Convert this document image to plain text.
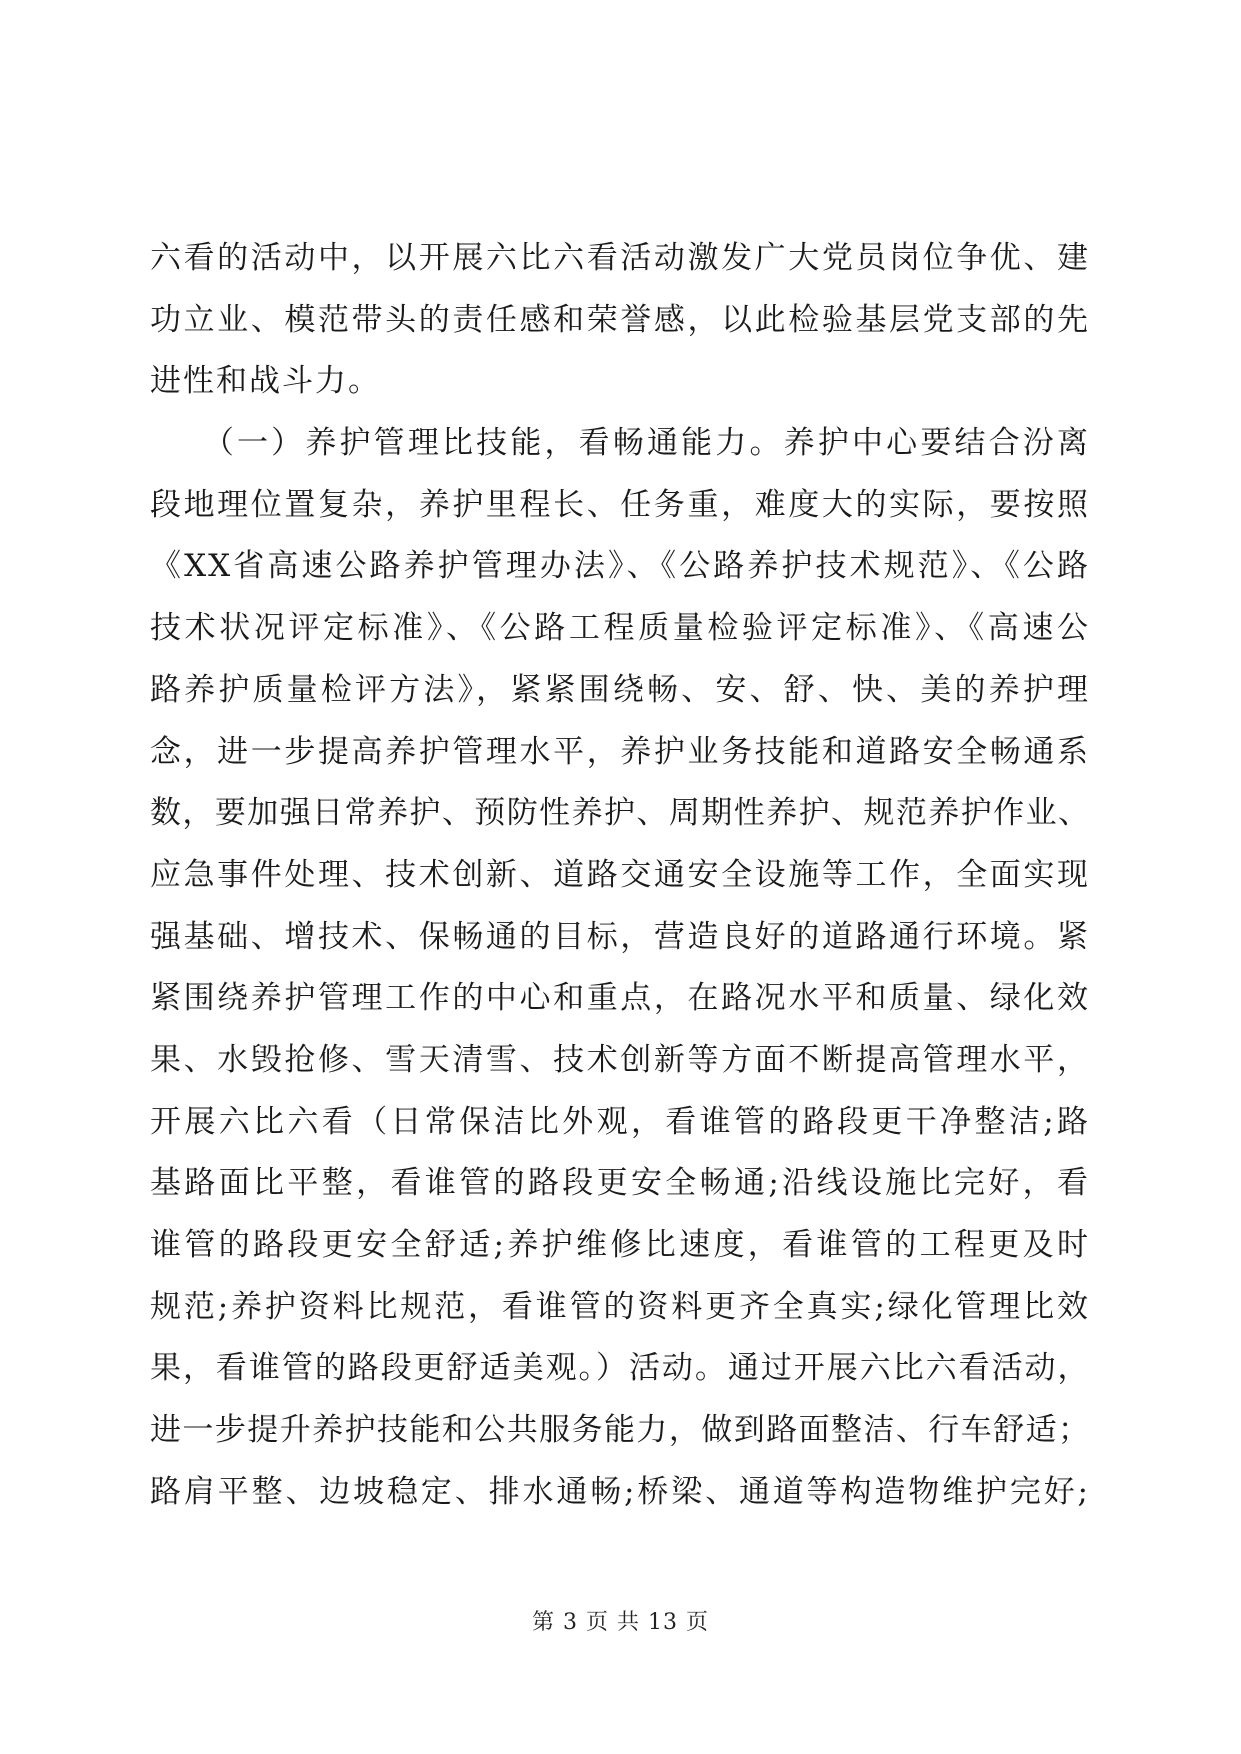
六看的活动中，以开展六比六看活动激发广大党员岗位争优、建
功立业、模范带头的责任感和荣誉感，以此检验基层党支部的先
进性和战斗力。
　　（一）养护管理比技能，看畅通能力。养护中心要结合汾离
段地理位置复杂，养护里程长、任务重，难度大的实际，要按照
《XX省高速公路养护管理办法》、《公路养护技术规范》、《公路
技术状况评定标准》、《公路工程质量检验评定标准》、《高速公
路养护质量检评方法》，紧紧围绕畅、安、舒、快、美的养护理
念，进一步提高养护管理水平，养护业务技能和道路安全畅通系
数，要加强日常养护、预防性养护、周期性养护、规范养护作业、
应急事件处理、技术创新、道路交通安全设施等工作，全面实现
强基础、增技术、保畅通的目标，营造良好的道路通行环境。紧
紧围绕养护管理工作的中心和重点，在路况水平和质量、绿化效
果、水毁抢修、雪天清雪、技术创新等方面不断提高管理水平，
开展六比六看（日常保洁比外观，看谁管的路段更干净整洁;路
基路面比平整，看谁管的路段更安全畅通;沿线设施比完好，看
谁管的路段更安全舒适;养护维修比速度，看谁管的工程更及时
规范;养护资料比规范，看谁管的资料更齐全真实;绿化管理比效
果，看谁管的路段更舒适美观。）活动。通过开展六比六看活动，
进一步提升养护技能和公共服务能力，做到路面整洁、行车舒适；
路肩平整、边坡稳定、排水通畅;桥梁、通道等构造物维护完好;
第 3 页 共 13 页
